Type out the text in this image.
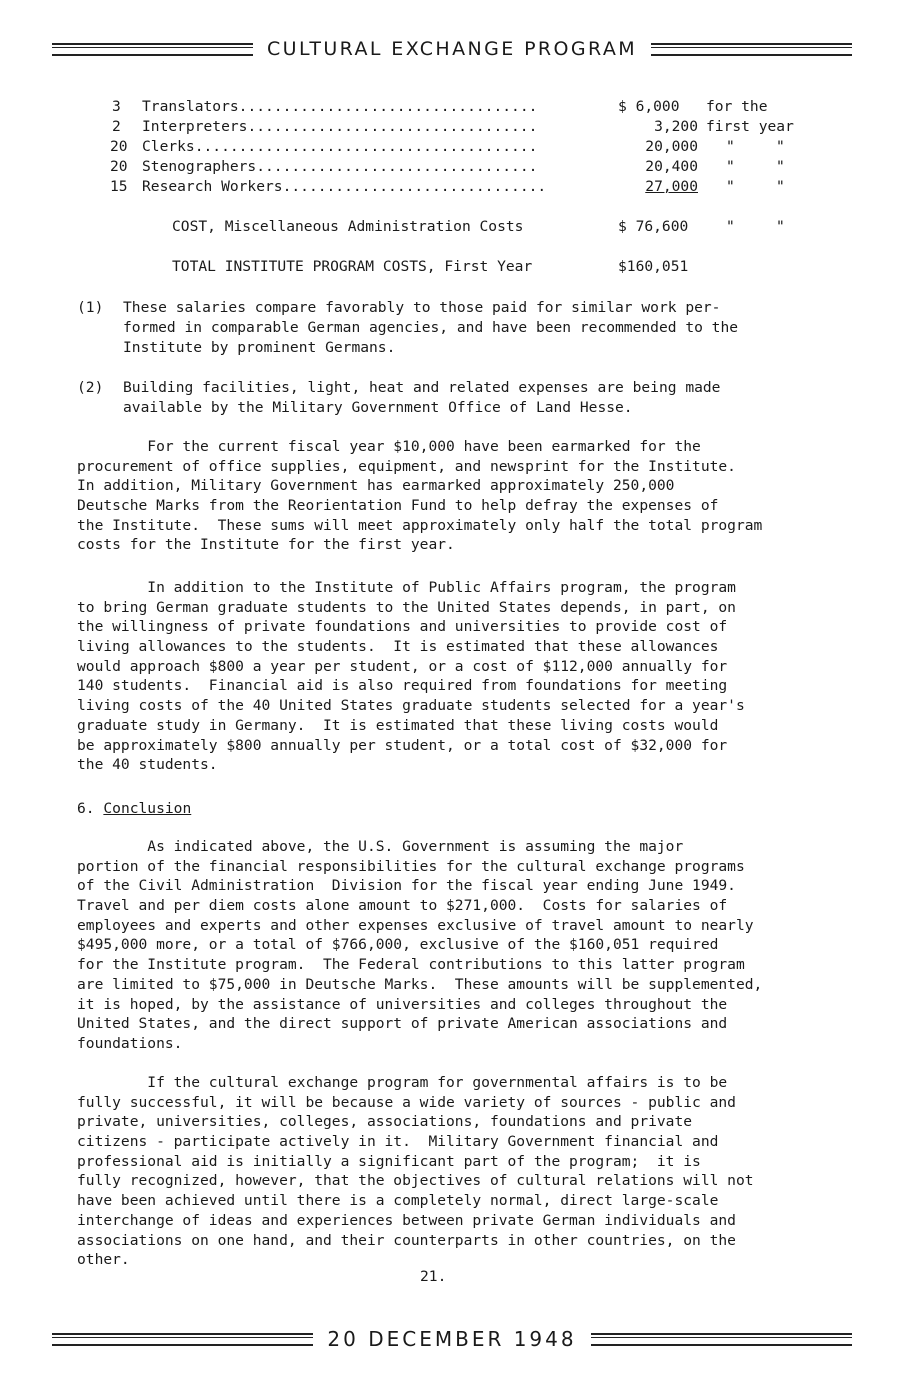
CULTURAL EXCHANGE PROGRAM
3	Translators..................................	$ 6,000	for the
2	Interpreters.................................	3,200 first year
20 Clerks.......................................	20,000 "	"
20 Stenographers................................	20,400 "	"
15 Research Workers..............................	27,000 "	"
COST, Miscellaneous Administration Costs	$ 76,600	"	"
TOTAL INSTITUTE PROGRAM COSTS, First Year	$160,051
(1) These salaries compare favorably to those paid for similar work per-
formed in comparable German agencies, and have been recommended to the
Institute by prominent Germans.
(2) Building facilities, light, heat and related expenses are being made
available by the Military Government Office of Land Hesse.
For the current fiscal year $10,000 have been earmarked for the
procurement of office supplies, equipment, and newsprint for the Institute.
In addition, Military Government has earmarked approximately 250,000
Deutsche Marks from the Reorientation Fund to help defray the expenses of
the Institute.  These sums will meet approximately only half the total program
costs for the Institute for the first year.
In addition to the Institute of Public Affairs program, the program
to bring German graduate students to the United States depends, in part, on
the willingness of private foundations and universities to provide cost of
living allowances to the students.  It is estimated that these allowances
would approach $800 a year per student, or a cost of $112,000 annually for
140 students.  Financial aid is also required from foundations for meeting
living costs of the 40 United States graduate students selected for a year's
graduate study in Germany.  It is estimated that these living costs would
be approximately $800 annually per student, or a total cost of $32,000 for
the 40 students.
6. Conclusion
As indicated above, the U.S. Government is assuming the major
portion of the financial responsibilities for the cultural exchange programs
of the Civil Administration  Division for the fiscal year ending June 1949.
Travel and per diem costs alone amount to $271,000.  Costs for salaries of
employees and experts and other expenses exclusive of travel amount to nearly
$495,000 more, or a total of $766,000, exclusive of the $160,051 required
for the Institute program.  The Federal contributions to this latter program
are limited to $75,000 in Deutsche Marks.  These amounts will be supplemented,
it is hoped, by the assistance of universities and colleges throughout the
United States, and the direct support of private American associations and
foundations.
If the cultural exchange program for governmental affairs is to be
fully successful, it will be because a wide variety of sources - public and
private, universities, colleges, associations, foundations and private
citizens - participate actively in it.  Military Government financial and
professional aid is initially a significant part of the program;  it is
fully recognized, however, that the objectives of cultural relations will not
have been achieved until there is a completely normal, direct large-scale
interchange of ideas and experiences between private German individuals and
associations on one hand, and their counterparts in other countries, on the
other.
21.
20 DECEMBER 1948
